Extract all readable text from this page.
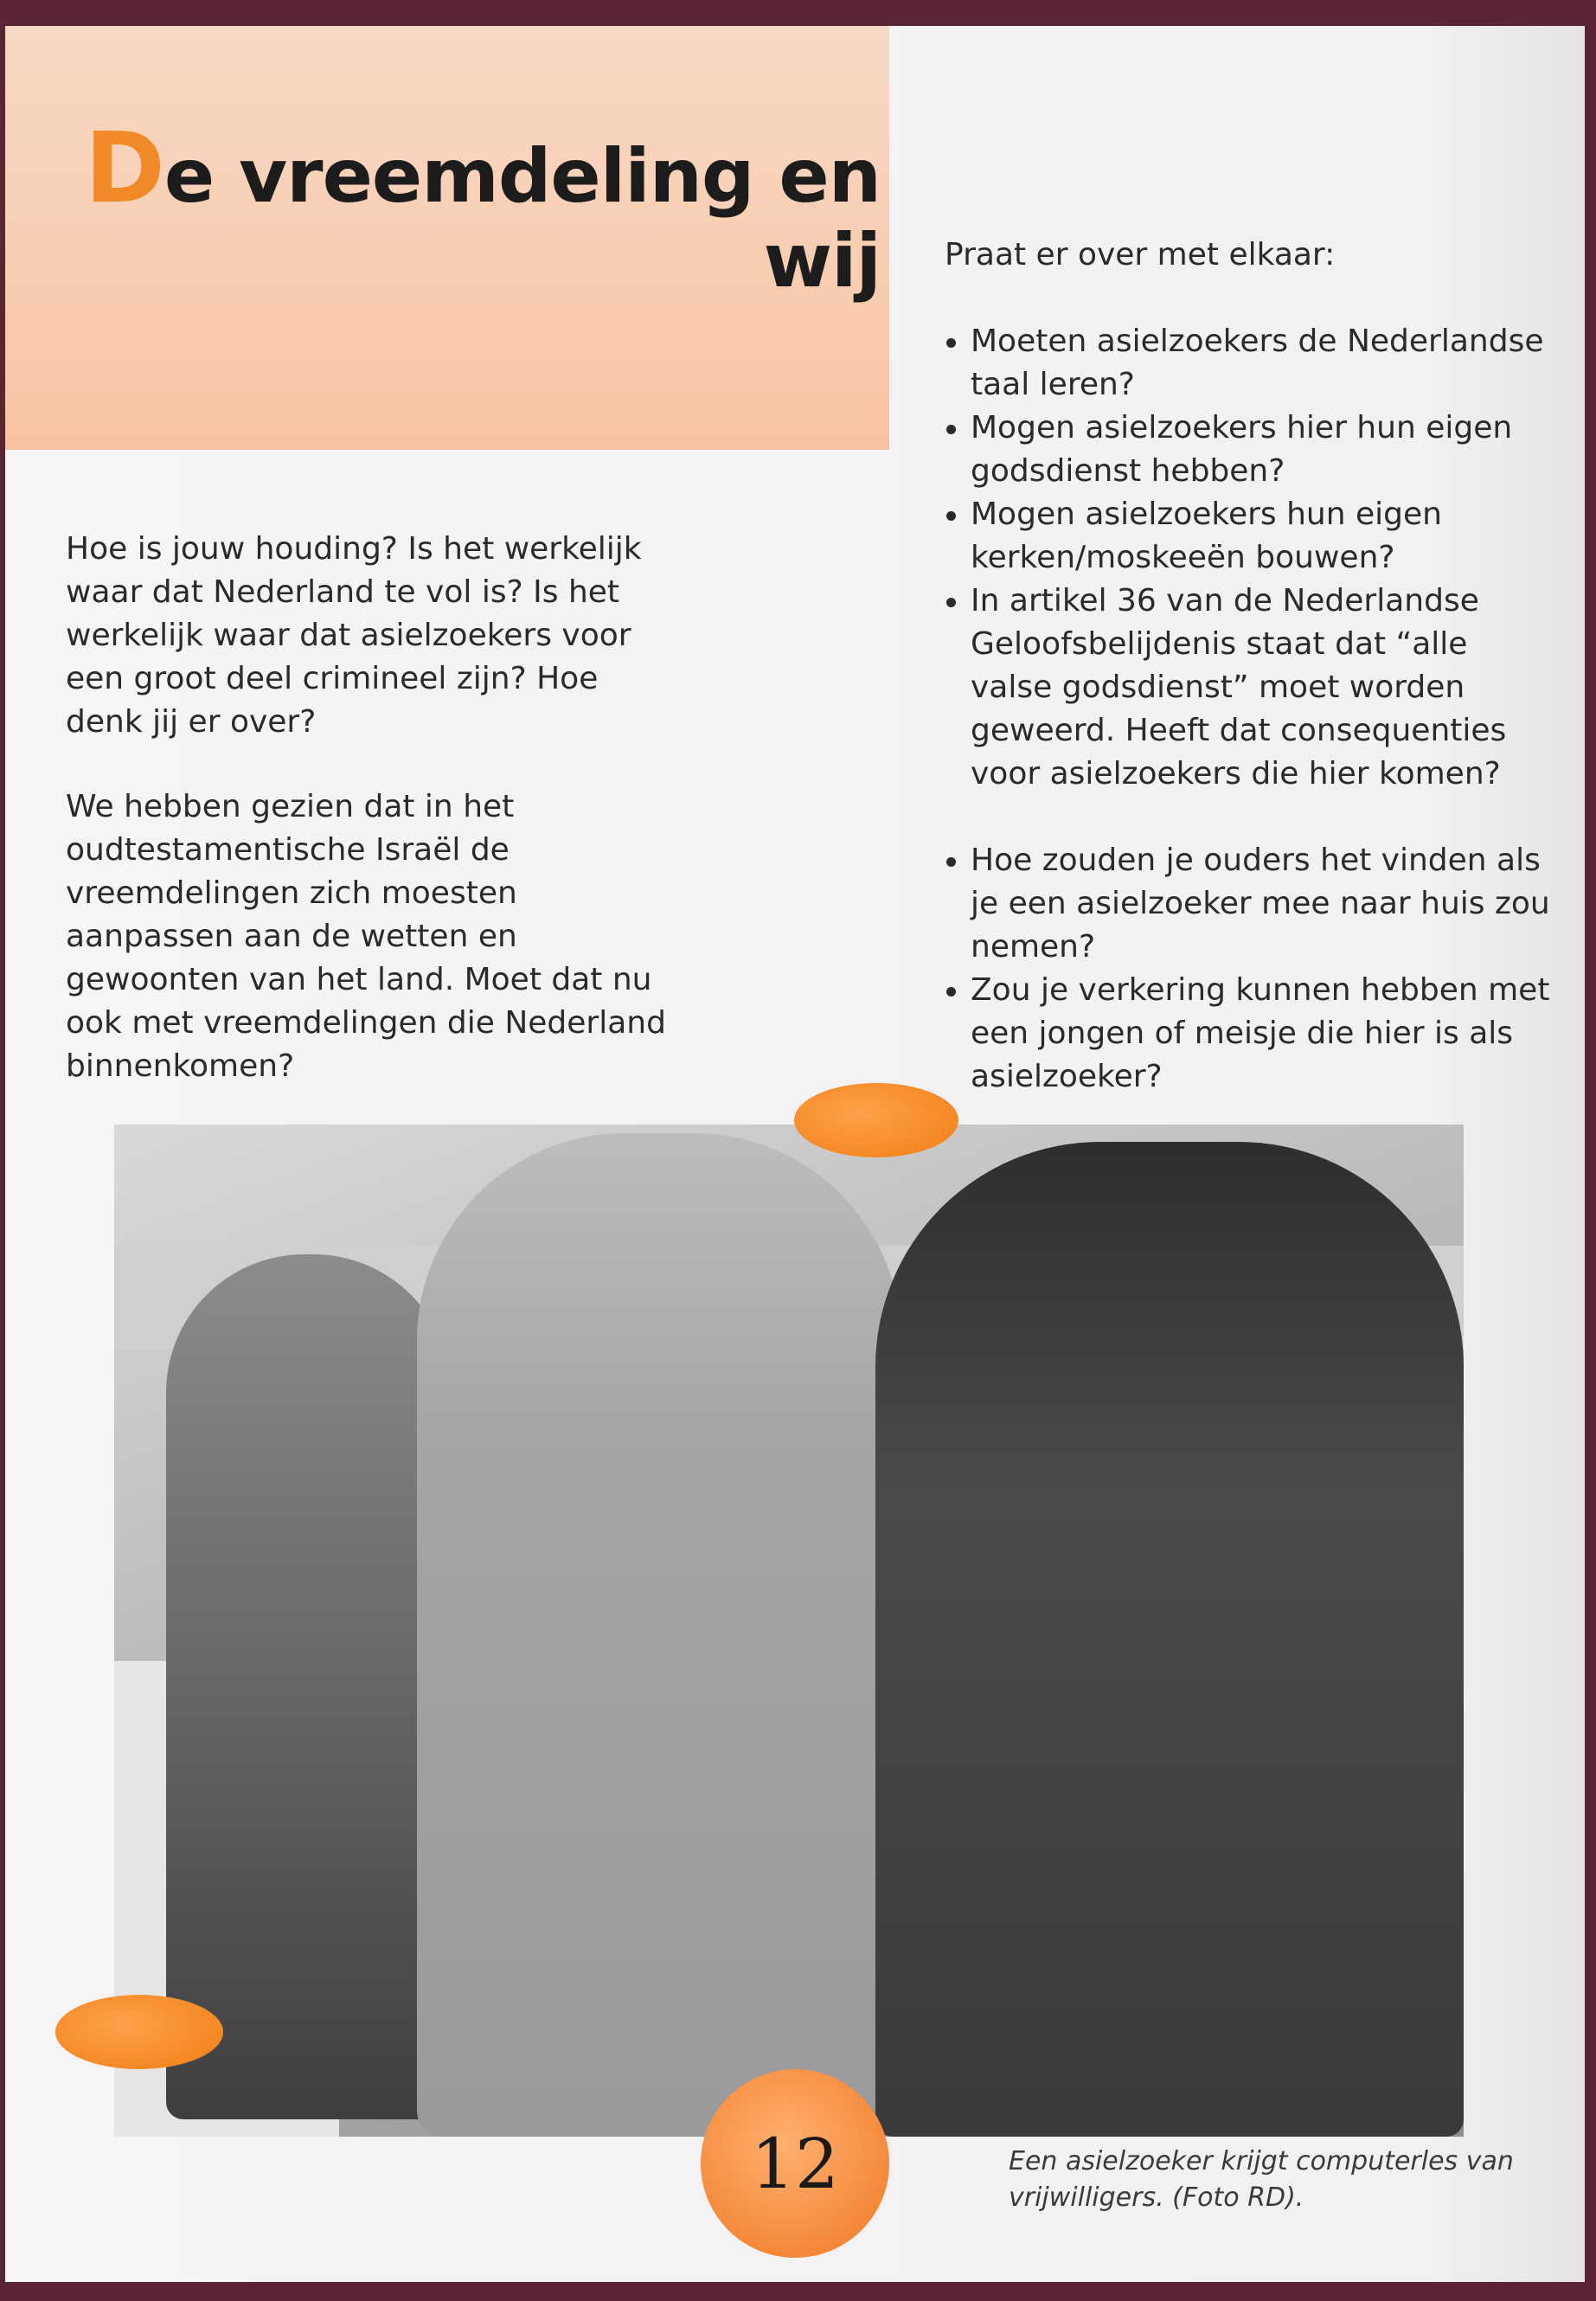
De vreemdeling en
wij

Hoe is jouw houding? Is het werkelijk waar dat Nederland te vol is? Is het werkelijk waar dat asielzoekers voor een groot deel crimineel zijn? Hoe denk jij er over?

We hebben gezien dat in het oudtestamentische Israël de vreemdelingen zich moesten aanpassen aan de wetten en gewoonten van het land. Moet dat nu ook met vreemdelingen die Nederland binnenkomen?

Praat er over met elkaar:

Moeten asielzoekers de Nederlandse taal leren?
Mogen asielzoekers hier hun eigen godsdienst hebben?
Mogen asielzoekers hun eigen kerken/moskeeën bouwen?
In artikel 36 van de Nederlandse Geloofsbelijdenis staat dat “alle valse godsdienst” moet worden geweerd. Heeft dat consequenties voor asielzoekers die hier komen?
Hoe zouden je ouders het vinden als je een asielzoeker mee naar huis zou nemen?
Zou je verkering kunnen hebben met een jongen of meisje die hier is als asielzoeker?
12	Een asielzoeker krijgt computerles van vrijwilligers. (Foto RD).
